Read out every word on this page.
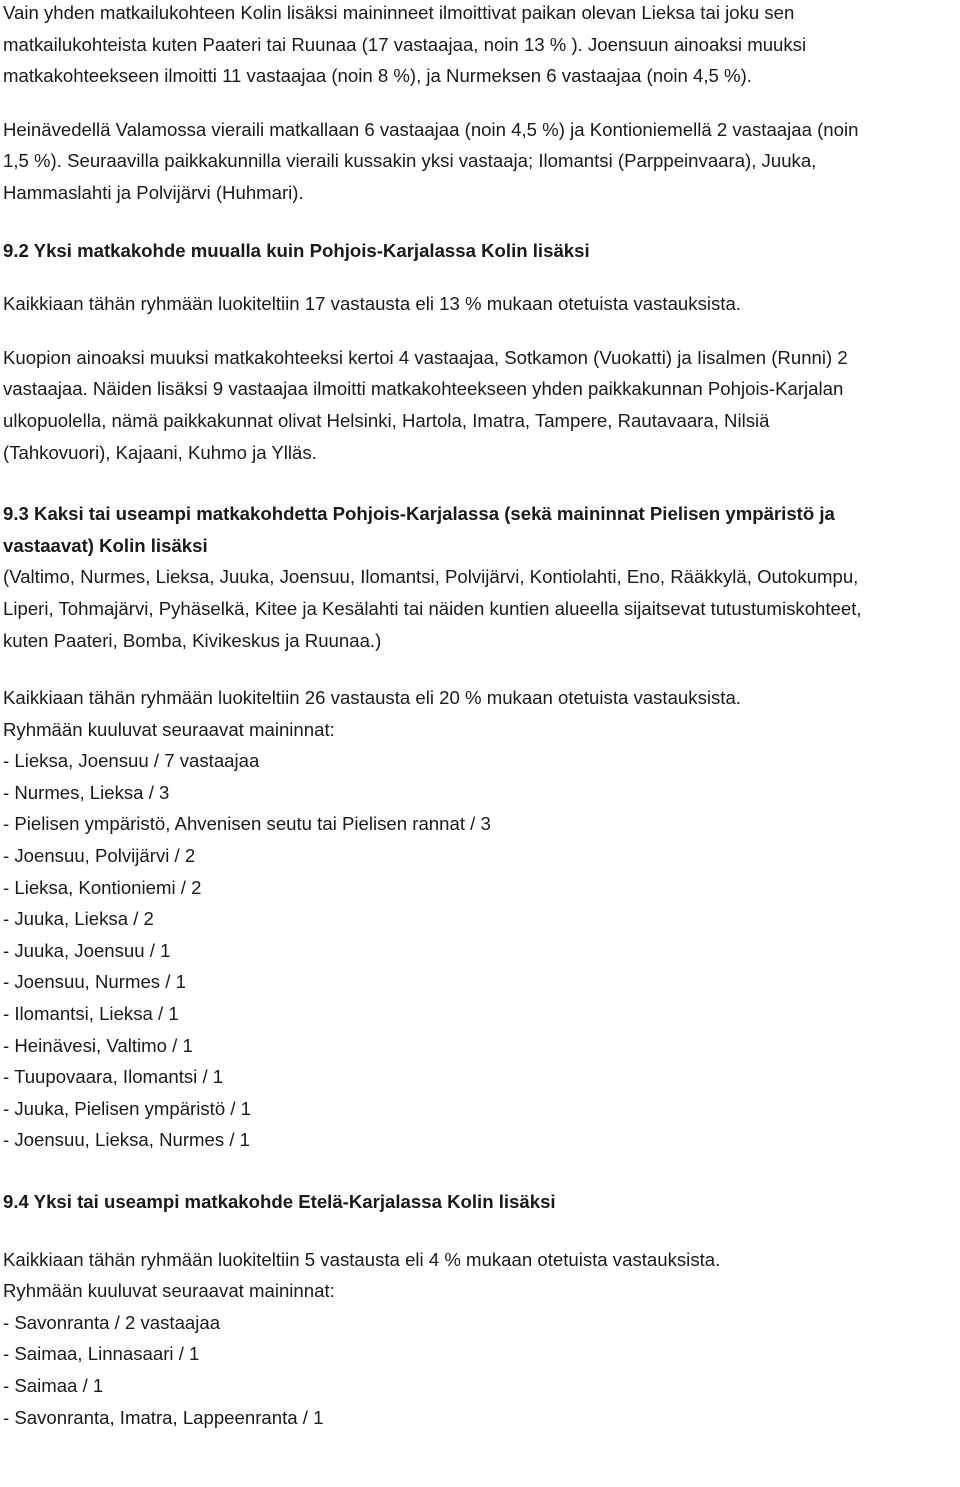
Vain yhden matkailukohteen Kolin lisäksi maininneet ilmoittivat paikan olevan Lieksa tai joku sen
matkailukohteista kuten Paateri tai Ruunaa (17 vastaajaa, noin 13 % ). Joensuun ainoaksi muuksi
matkakohteekseen ilmoitti 11 vastaajaa (noin 8 %), ja Nurmeksen 6 vastaajaa (noin 4,5 %).

Heinävedellä Valamossa vieraili matkallaan 6 vastaajaa (noin 4,5 %) ja Kontioniemellä 2 vastaajaa (noin
1,5 %). Seuraavilla paikkakunnilla vieraili kussakin yksi vastaaja; Ilomantsi (Parppeinvaara), Juuka,
Hammaslahti ja Polvijärvi (Huhmari).

9.2 Yksi matkakohde muualla kuin Pohjois-Karjalassa Kolin lisäksi

Kaikkiaan tähän ryhmään luokiteltiin 17 vastausta eli 13 % mukaan otetuista vastauksista.

Kuopion ainoaksi muuksi matkakohteeksi kertoi 4 vastaajaa, Sotkamon (Vuokatti) ja Iisalmen (Runni) 2
vastaajaa. Näiden lisäksi 9 vastaajaa ilmoitti matkakohteekseen yhden paikkakunnan Pohjois-Karjalan
ulkopuolella, nämä paikkakunnat olivat Helsinki, Hartola, Imatra, Tampere, Rautavaara, Nilsiä
(Tahkovuori), Kajaani, Kuhmo ja Ylläs.

9.3 Kaksi tai useampi matkakohdetta Pohjois-Karjalassa (sekä maininnat Pielisen ympäristö ja
vastaavat) Kolin lisäksi

(Valtimo, Nurmes, Lieksa, Juuka, Joensuu, Ilomantsi, Polvijärvi, Kontiolahti, Eno, Rääkkylä, Outokumpu,
Liperi, Tohmajärvi, Pyhäselkä, Kitee ja Kesälahti tai näiden kuntien alueella sijaitsevat tutustumiskohteet,
kuten Paateri, Bomba, Kivikeskus ja Ruunaa.)

Kaikkiaan tähän ryhmään luokiteltiin 26 vastausta eli 20 % mukaan otetuista vastauksista.
Ryhmään kuuluvat seuraavat maininnat:

- Lieksa, Joensuu / 7 vastaajaa
- Nurmes, Lieksa / 3
- Pielisen ympäristö, Ahvenisen seutu tai Pielisen rannat / 3
- Joensuu, Polvijärvi / 2
- Lieksa, Kontioniemi / 2
- Juuka, Lieksa / 2
- Juuka, Joensuu / 1
- Joensuu, Nurmes / 1
- Ilomantsi, Lieksa / 1
- Heinävesi, Valtimo / 1
- Tuupovaara, Ilomantsi / 1
- Juuka, Pielisen ympäristö / 1
- Joensuu, Lieksa, Nurmes / 1
9.4 Yksi tai useampi matkakohde Etelä-Karjalassa Kolin lisäksi

Kaikkiaan tähän ryhmään luokiteltiin 5 vastausta eli 4 % mukaan otetuista vastauksista.
Ryhmään kuuluvat seuraavat maininnat:

- Savonranta / 2 vastaajaa
- Saimaa, Linnasaari / 1
- Saimaa / 1
- Savonranta, Imatra, Lappeenranta / 1
